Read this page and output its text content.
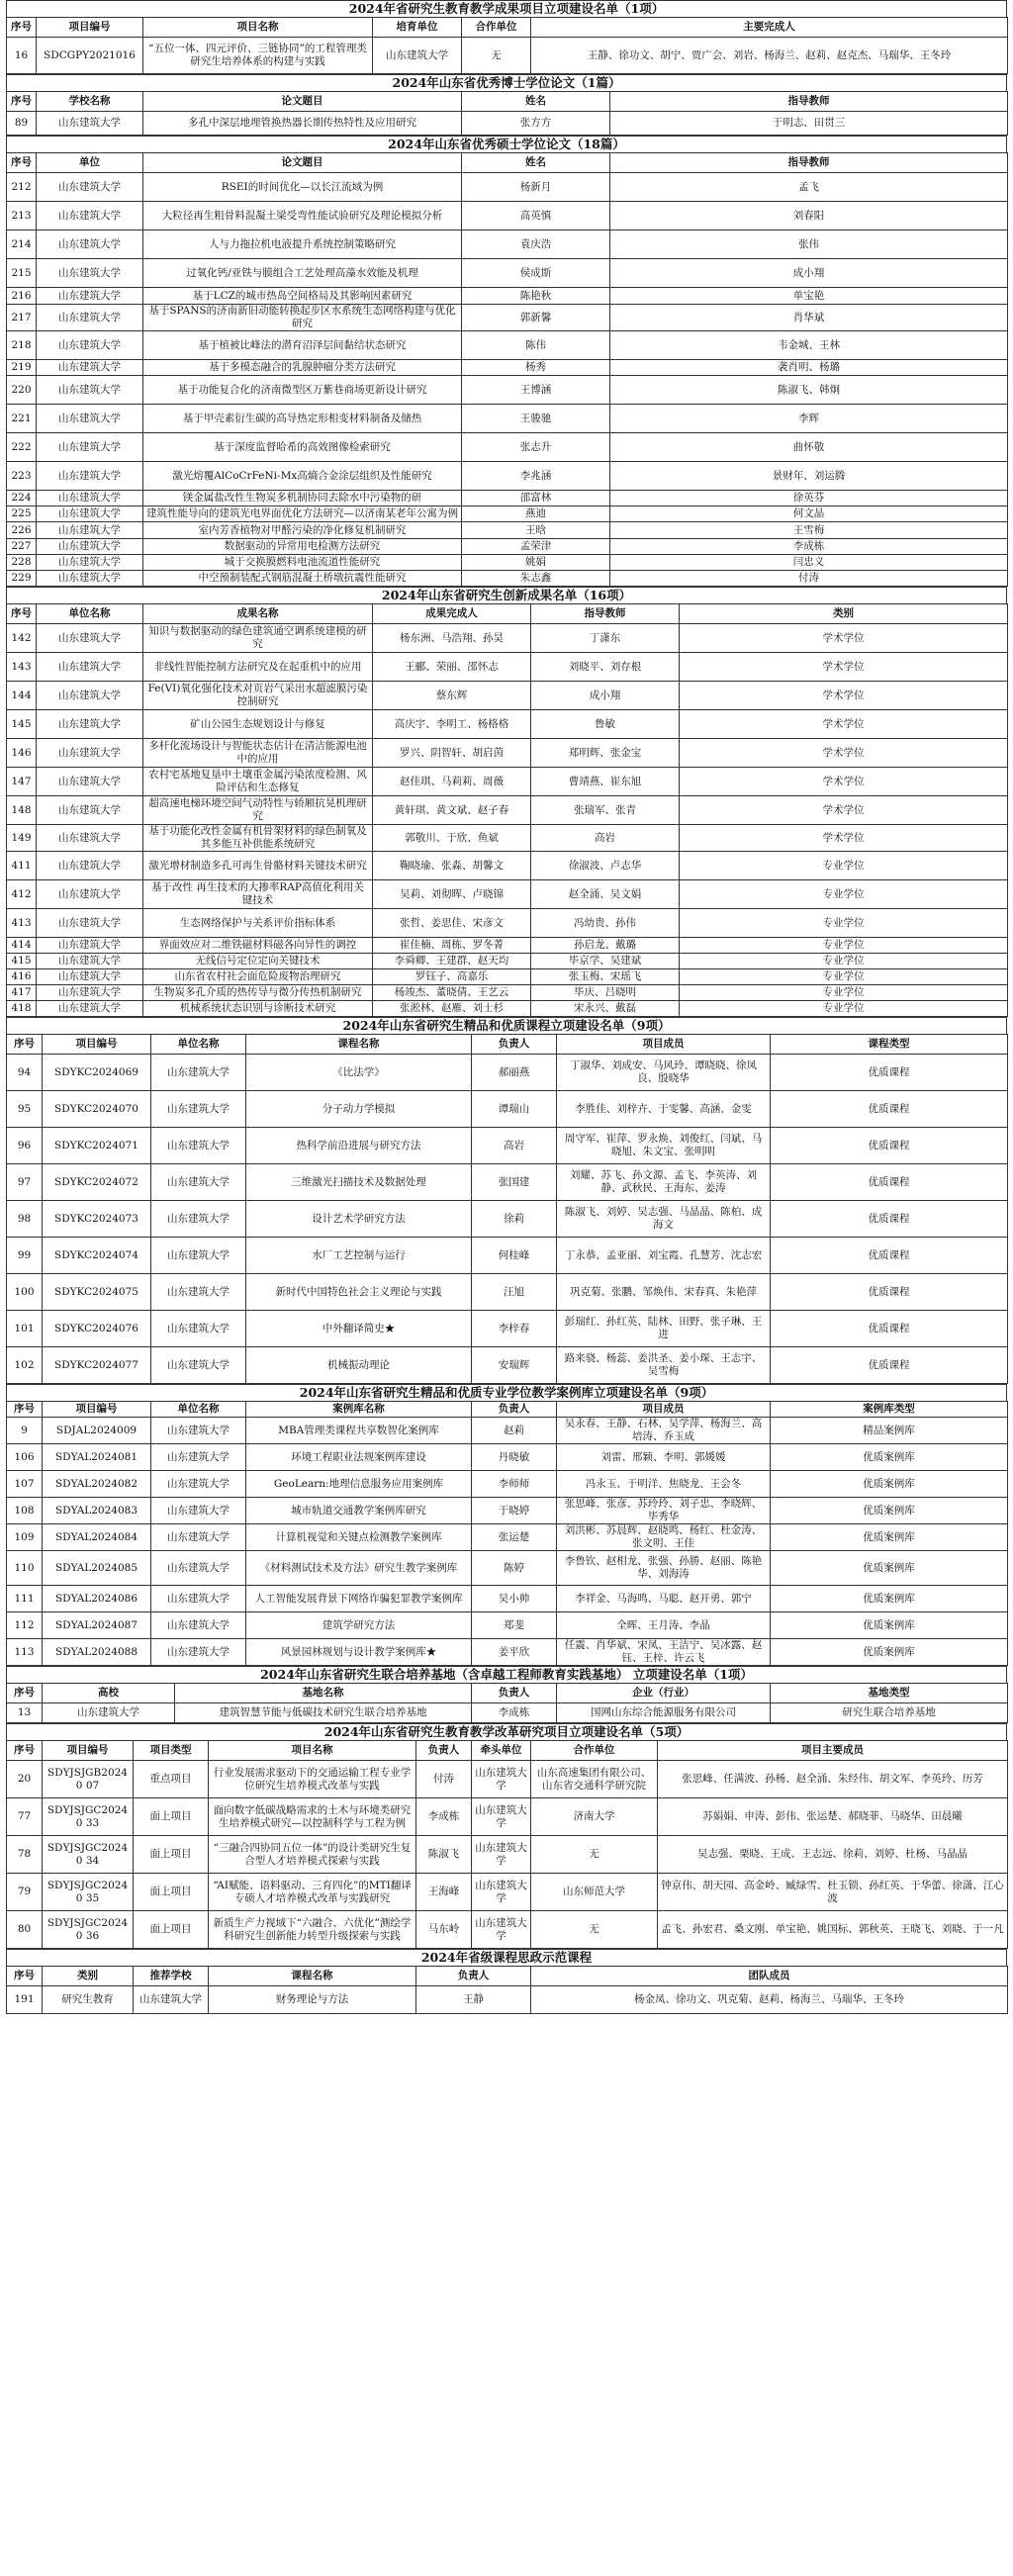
2024年省研究生教育教学成果项目立项建设名单（1项）
序号	项目编号	项目名称	培育单位	合作单位	主要完成人
16	SDCGPY2021016	“五位一体、四元评价、三链协同”的工程管理类研究生培养体系的构建与实践	山东建筑大学	无	王静、徐功文、胡宁、贾广会、刘岩、杨海兰、赵莉、赵克杰、马瑞华、王冬玲
2024年山东省优秀博士学位论文（1篇）
序号	学校名称	论文题目	姓名	指导教师
89	山东建筑大学	多孔中深层地埋管换热器长期传热特性及应用研究	张方方	于明志、田贯三
2024年山东省优秀硕士学位论文（18篇）
序号	单位	论文题目	姓名	指导教师
212	山东建筑大学	RSEI的时间优化—以长江流域为例	杨新月	孟飞
213	山东建筑大学	大粒径再生粗骨料混凝土梁受弯性能试验研究及理论模拟分析	高英慎	刘春阳
214	山东建筑大学	人与力拖拉机电液提升系统控制策略研究	袁庆浩	张伟
215	山东建筑大学	过氧化钙/亚铁与膜组合工艺处理高藻水效能及机理	侯成斯	成小翔
216	山东建筑大学	基于LCZ的城市热岛空间格局及其影响因素研究	陈艳秋	单宝艳
217	山东建筑大学	基于SPANS的济南新旧动能转换起步区水系统生态网络构建与优化研究	郭新馨	肖华斌
218	山东建筑大学	基于植被比峰法的潜育沼泽层间黏结状态研究	陈伟	韦金城、王林
219	山东建筑大学	基于多模态融合的乳腺肿瘤分类方法研究	杨秀	袭肖明、杨璐
220	山东建筑大学	基于功能复合化的济南微型区万紫巷商场更新设计研究	王博涵	陈淑飞、韩炯
221	山东建筑大学	基于甲壳素衍生碳的高导热定形相变材料制备及储热	王骏驰	李辉
222	山东建筑大学	基于深度监督哈希的高效图像检索研究	张志升	曲怀敬
223	山东建筑大学	激光熔覆AlCoCrFeNi-Mx高熵合金涂层组织及性能研究	李兆涵	景财年、刘运腾
224	山东建筑大学	镁金属盐改性生物炭多机制协同去除水中污染物的研	邵富林	徐英芬
225	山东建筑大学	建筑性能导向的建筑光电界面优化方法研究—以济南某老年公寓为例	燕迪	何文晶
226	山东建筑大学	室内芳香植物对甲醛污染的净化修复机制研究	王晗	王雪梅
227	山东建筑大学	数据驱动的异常用电检测方法研究	孟荣津	李成栋
228	山东建筑大学	城于交换膜燃料电池流道性能研究	姚娟	闫忠义
229	山东建筑大学	中空预制装配式钢筋混凝土桥墩抗震性能研究	朱志鑫	付涛
2024年山东省研究生创新成果名单（16项）
序号	单位名称	成果名称	成果完成人	指导教师	类别
142	山东建筑大学	知识与数据驱动的绿色建筑通空调系统建模的研究	杨东洲、马浩翔、孙昊	丁潇东	学术学位
143	山东建筑大学	非线性智能控制方法研究及在起重机中的应用	王郦、荣丽、邵怀志	刘晓平、刘存根	学术学位
144	山东建筑大学	Fe(VI)氧化强化技术对页岩气采出水超滤膜污染控制研究	蔡东辉	成小翔	学术学位
145	山东建筑大学	矿山公园生态规划设计与修复	高庆宇、李明工、杨格格	鲁敏	学术学位
146	山东建筑大学	多杆化流场设计与智能状态估计在清洁能源电池中的应用	罗兴、阴智轩、胡启茵	郑明辉、张金宝	学术学位
147	山东建筑大学	农村宅基地复垦中土壤重金属污染浓度检测、风险评估和生态修复	赵佳琪、马莉莉、周薇	曹靖燕、崔东旭	学术学位
148	山东建筑大学	超高速电梯环境空间气动特性与轿厢抗晃机理研究	黄轩琪、黄文斌、赵子春	张瑞军、张青	学术学位
149	山东建筑大学	基于功能化改性金属有机骨架材料的绿色制氧及其多能互补供能系统研究	郭敬川、于欣、鱼斌	高岩	学术学位
411	山东建筑大学	激光增材制造多孔可再生骨骼材料关键技术研究	鞠晓瑜、张淼、胡馨文	徐淑波、卢志华	专业学位
412	山东建筑大学	基于改性 再生技术的大掺率RAP高值化利用关键技术	吴莉、刘彻晖、卢晓锦	赵全涌、吴文娟	专业学位
413	山东建筑大学	生态网络保护与关系评价指标体系	张哲、姜思佳、宋彦文	冯幼贵、孙伟	专业学位
414	山东建筑大学	界面效应对二维铁磁材料磁各向异性的调控	崔佳楠、周栋、罗冬菁	孙启龙、戴璐	专业学位
415	山东建筑大学	无线信号定位定向关键技术	李舜卿、王建群、赵天均	毕京学、吴建斌	专业学位
416	山东建筑大学	山东省农村社会面危险废物治理研究	罗钰子、高嘉乐	张玉梅、宋瑶飞	专业学位
417	山东建筑大学	生物炭多孔介质的热传导与微分传热机制研究	杨竣杰、董晓倩、王艺云	毕庆、吕晓明	专业学位
418	山东建筑大学	机械系统状态识别与诊断技术研究	张淞林、赵雁、刘士杉	宋永兴、戴磊	专业学位
2024年山东省研究生精品和优质课程立项建设名单（9项）
序号	项目编号	单位名称	课程名称	负责人	项目成员	课程类型
94	SDYKC2024069	山东建筑大学	《比法学》	郝丽燕	丁淑华、刘成安、马风玲、谭晓晓、徐凤良、殷晓华	优质课程
95	SDYKC2024070	山东建筑大学	分子动力学模拟	谭瑞山	李胜佳、刘梓卉、于雯馨、高涵、金雯	优质课程
96	SDYKC2024071	山东建筑大学	热科学前沿进展与研究方法	高岩	周守军、崔萍、罗永焕、刘俊红、闫斌、马晓旭、朱文宝、张明明	优质课程
97	SDYKC2024072	山东建筑大学	三维激光扫描技术及数据处理	张国建	刘耀、苏飞、孙文源、孟飞、李英涛、刘静、武秋民、王海东、姜涛	优质课程
98	SDYKC2024073	山东建筑大学	设计艺术学研究方法	徐莉	陈淑飞、刘婷、吴志强、马晶晶、陈柏、成海文	优质课程
99	SDYKC2024074	山东建筑大学	水厂工艺控制与运行	何桂峰	丁永恭、孟亚丽、刘宝霞、孔慧芳、沈志宏	优质课程
100	SDYKC2024075	山东建筑大学	新时代中国特色社会主义理论与实践	汪旭	巩克菊、张鹏、邹焕伟、宋春真、朱艳萍	优质课程
101	SDYKC2024076	山东建筑大学	中外翻译简史★	李梓春	彭瑞红、孙红英、陆林、田野、张子琳、王进	优质课程
102	SDYKC2024077	山东建筑大学	机械振动理论	安瑞辉	路来骁、杨蕊、姜洪圣、姜小琛、王志宇、吴雪梅	优质课程
2024年山东省研究生精品和优质专业学位教学案例库立项建设名单（9项）
序号	项目编号	单位名称	案例库名称	负责人	项目成员	案例库类型
9	SDJAL2024009	山东建筑大学	MBA管理类课程共享数智化案例库	赵莉	吴永春、王静、石林、吴学萍、杨海兰、高培涛、乔玉成	精品案例库
106	SDYAL2024081	山东建筑大学	环境工程职业法规案例库建设	丹晓敏	刘雷、邢颖、李明、郭媛媛	优质案例库
107	SDYAL2024082	山东建筑大学	GeoLearn:地理信息服务应用案例库	李师师	冯永玉、于明洋、焦晓龙、王会冬	优质案例库
108	SDYAL2024083	山东建筑大学	城市轨道交通教学案例库研究	于晓婷	张思峰、张彦、苏玲玲、刘子忠、李晓辉、毕秀华	优质案例库
109	SDYAL2024084	山东建筑大学	计算机视觉和关键点检测教学案例库	张运楚	刘洪彬、苏晨辉、赵晓鸣、杨红、杜金涛、张文明、王佳	优质案例库
110	SDYAL2024085	山东建筑大学	《材料测试技术及方法》研究生教学案例库	陈婷	李鲁钦、赵相龙、张强、孙勝、赵丽、陈艳华、刘海涛	优质案例库
111	SDYAL2024086	山东建筑大学	人工智能发展背景下网络诈骗犯罪教学案例库	吴小帅	李祥金、马海鸣、马聪、赵开勇、郭宁	优质案例库
112	SDYAL2024087	山东建筑大学	建筑学研究方法	郑斐	全晖、王月涛、李晶	优质案例库
113	SDYAL2024088	山东建筑大学	风景园林规划与设计教学案例库★	姜平欣	任震、肖华斌、宋凤、王洁宁、吴冰露、赵钰、王梓、许云飞	优质案例库
2024年山东省研究生联合培养基地（含卓越工程师教育实践基地） 立项建设名单（1项）
序号	高校	基地名称	负责人	企业（行业）	基地类型
13	山东建筑大学	建筑智慧节能与低碳技术研究生联合培养基地	李成栋	国网山东综合能源服务有限公司	研究生联合培养基地
2024年山东省研究生教育教学改革研究项目立项建设名单（5项）
序号	项目编号	项目类型	项目名称	负责人	牵头单位	合作单位	项目主要成员
20	SDYJSJGB20240 07	重点项目	行业发展需求驱动下的交通运输工程专业学位研究生培养模式改革与实践	付涛	山东建筑大学	山东高速集团有限公司、山东省交通科学研究院	张思峰、任满波、孙杨、赵全涌、朱经伟、胡文军、李英玲、历芳
77	SDYJSJGC20240 33	面上项目	面向数字低碳战略需求的土木与环境类研究生培养模式研究—以控制科学与工程为例	李成栋	山东建筑大学	济南大学	苏娟娟、申涛、彭伟、张运楚、郝晓菲、马晓华、田晨曦
78	SDYJSJGC20240 34	面上项目	“三融合四协同五位一体”的设计类研究生复合型人才培养模式探索与实践	陈淑飞	山东建筑大学	无	吴志强、栗晓、王成、王志远、徐莉、刘婷、杜杨、马晶晶
79	SDYJSJGC20240 35	面上项目	“AI赋能、语料驱动、三育四化”的MTI翻译专硕人才培养模式改革与实践研究	王海峰	山东建筑大学	山东师范大学	钟京伟、胡天园、高金岭、臧绿雪、杜玉锁、孙红英、于华蕾、徐潇、江心波
80	SDYJSJGC20240 36	面上项目	新质生产力视域下“六融合、六优化”测绘学科研究生创新能力转型升级探索与实践	马东岭	山东建筑大学	无	孟飞、孙宏君、桑文刚、单宝艳、姚国标、郭秋英、王晓飞、刘晓、于一凡
2024年省级课程思政示范课程
序号	类别	推荐学校	课程名称	负责人	团队成员
191	研究生教育	山东建筑大学	财务理论与方法	王静	杨金凤、徐功文、巩克菊、赵莉、杨海兰、马瑞华、王冬玲
